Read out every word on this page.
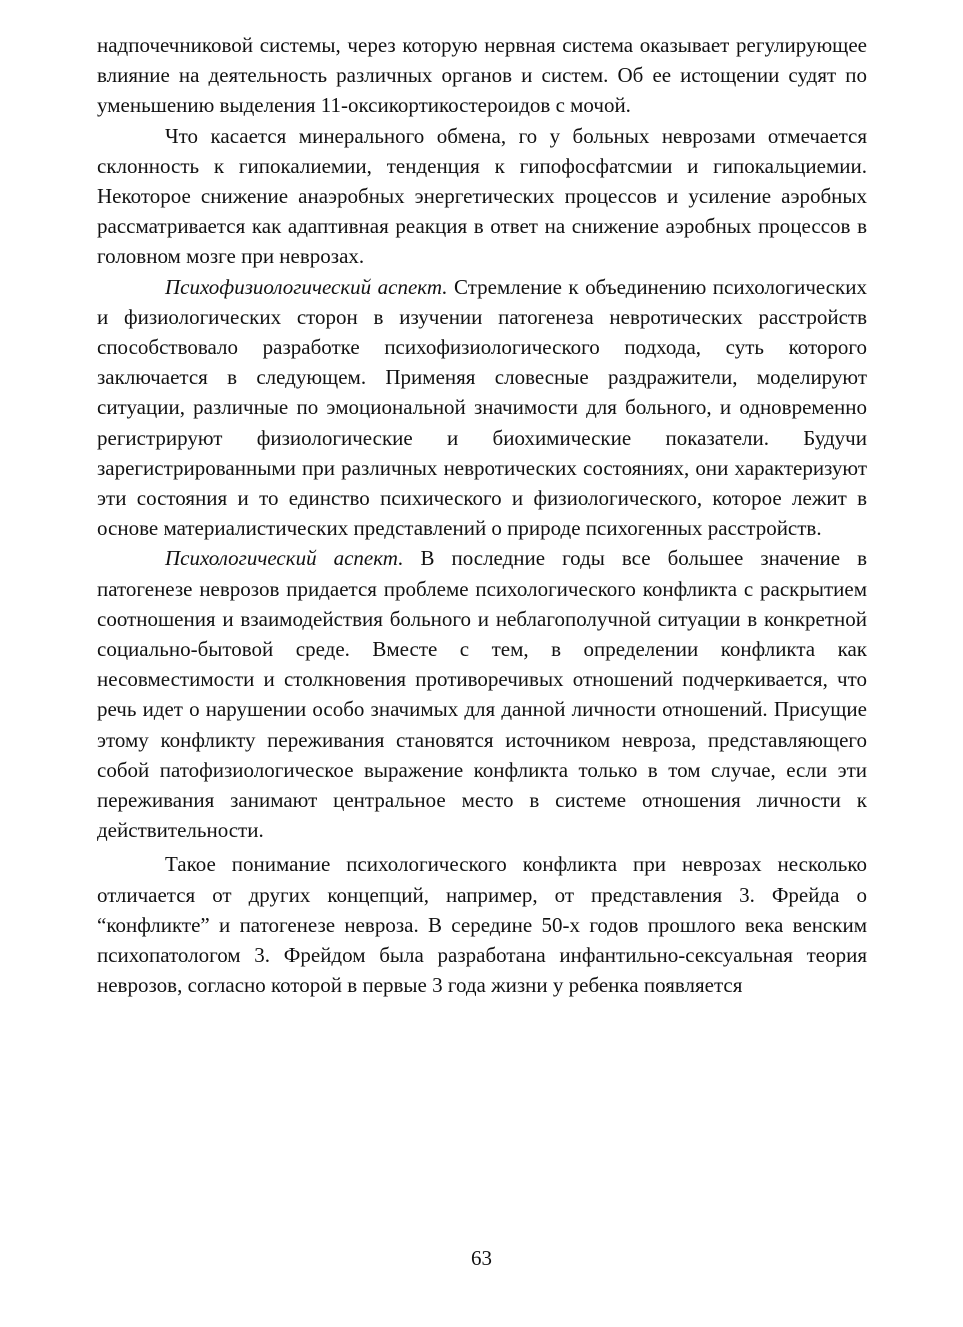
надпочечниковой системы, через которую нервная система оказывает регулирующее влияние на деятельность различных органов и систем. Об ее истощении судят по уменьшению выделения 11-оксикортикостероидов с мочой.

Что касается минерального обмена, го у больных неврозами отмечается склонность к гипокалиемии, тенденция к гипофосфатсмии и гипокальциемии. Некоторое снижение анаэробных энергетических процессов и усиление аэробных рассматривается как адаптивная реакция в ответ на снижение аэробных процессов в головном мозге при неврозах.

Психофизиологический аспект. Стремление к объединению психологических и физиологических сторон в изучении патогенеза невротических расстройств способствовало разработке психофизиологического подхода, суть которого заключается в следующем. Применяя словесные раздражители, моделируют ситуации, различные по эмоциональной значимости для больного, и одновременно регистрируют физиологические и биохимические показатели. Будучи зарегистрированными при различных невротических состояниях, они характеризуют эти состояния и то единство психического и физиологического, которое лежит в основе материалистических представлений о природе психогенных расстройств.

Психологический аспект. В последние годы все большее значение в патогенезе неврозов придается проблеме психологического конфликта с раскрытием соотношения и взаимодействия больного и неблагополучной ситуации в конкретной социально-бытовой среде. Вместе с тем, в определении конфликта как несовместимости и столкновения противоречивых отношений подчеркивается, что речь идет о нарушении особо значимых для данной личности отношений. Присущие этому конфликту переживания становятся источником невроза, представляющего собой патофизиологическое выражение конфликта только в том случае, если эти переживания занимают центральное место в системе отношения личности к действительности.

Такое понимание психологического конфликта при неврозах несколько отличается от других концепций, например, от представления 3. Фрейда о “конфликте” и патогенезе невроза. В середине 50-х годов прошлого века венским психопатологом 3. Фрейдом была разработана инфантильно-сексуальная теория неврозов, согласно которой в первые 3 года жизни у ребенка появляется

63
